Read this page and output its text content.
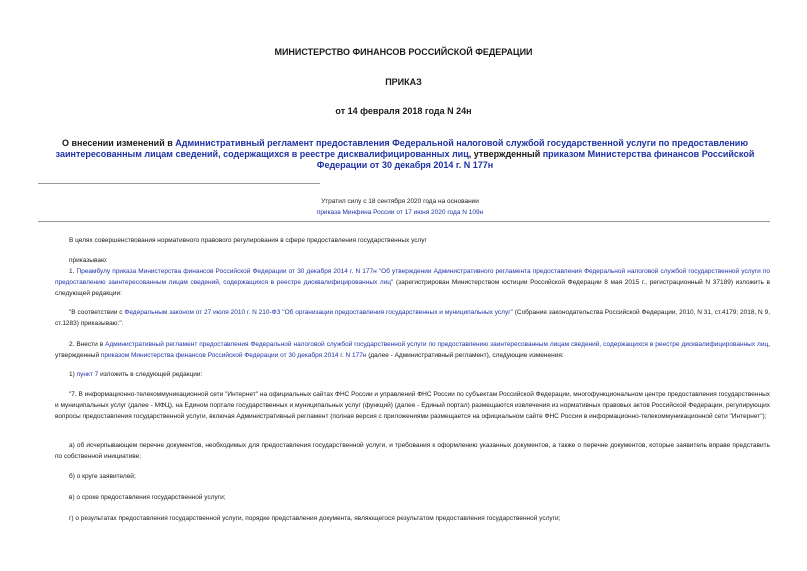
МИНИСТЕРСТВО ФИНАНСОВ РОССИЙСКОЙ ФЕДЕРАЦИИ
ПРИКАЗ
от 14 февраля 2018 года N 24н
О внесении изменений в Административный регламент предоставления Федеральной налоговой службой государственной услуги по предоставлению заинтересованным лицам сведений, содержащихся в реестре дисквалифицированных лиц, утвержденный приказом Министерства финансов Российской Федерации от 30 декабря 2014 г. N 177н
Утратил силу с 18 сентября 2020 года на основании
приказа Минфина России от 17 июня 2020 года N 109н
В целях совершенствования нормативного правового регулирования в сфере предоставления государственных услуг
приказываю:
1. Преамбулу приказа Министерства финансов Российской Федерации от 30 декабря 2014 г. N 177н "Об утверждении Административного регламента предоставления Федеральной налоговой службой государственной услуги по предоставлению заинтересованным лицам сведений, содержащихся в реестре дисквалифицированных лиц" (зарегистрирован Министерством юстиции Российской Федерации 8 мая 2015 г., регистрационный N 37189) изложить в следующей редакции:
"В соответствии с Федеральным законом от 27 июля 2010 г. N 210-ФЗ "Об организации предоставления государственных и муниципальных услуг" (Собрание законодательства Российской Федерации, 2010, N 31, ст.4179; 2018, N 9, ст.1283) приказываю:".
2. Внести в Административный регламент предоставления Федеральной налоговой службой государственной услуги по предоставлению заинтересованным лицам сведений, содержащихся в реестре дисквалифицированных лиц, утвержденный приказом Министерства финансов Российской Федерации от 30 декабря 2014 г. N 177н (далее - Административный регламент), следующие изменения:
1) пункт 7 изложить в следующей редакции:
"7. В информационно-телекоммуникационной сети "Интернет" на официальных сайтах ФНС России и управлений ФНС России по субъектам Российской Федерации, многофункциональном центре предоставления государственных и муниципальных услуг (далее - МФЦ), на Едином портале государственных и муниципальных услуг (функций) (далее - Единый портал) размещаются извлечения из нормативных правовых актов Российской Федерации, регулирующих вопросы предоставления государственной услуги, включая Административный регламент (полная версия с приложениями размещается на официальном сайте ФНС России в информационно-телекоммуникационной сети "Интернет");
а) об исчерпывающем перечне документов, необходимых для предоставления государственной услуги, и требования к оформлению указанных документов, а также о перечне документов, которые заявитель вправе представить по собственной инициативе;
б) о круге заявителей;
в) о сроке предоставления государственной услуги;
г) о результатах предоставления государственной услуги, порядке представления документа, являющегося результатом предоставления государственной услуги;
